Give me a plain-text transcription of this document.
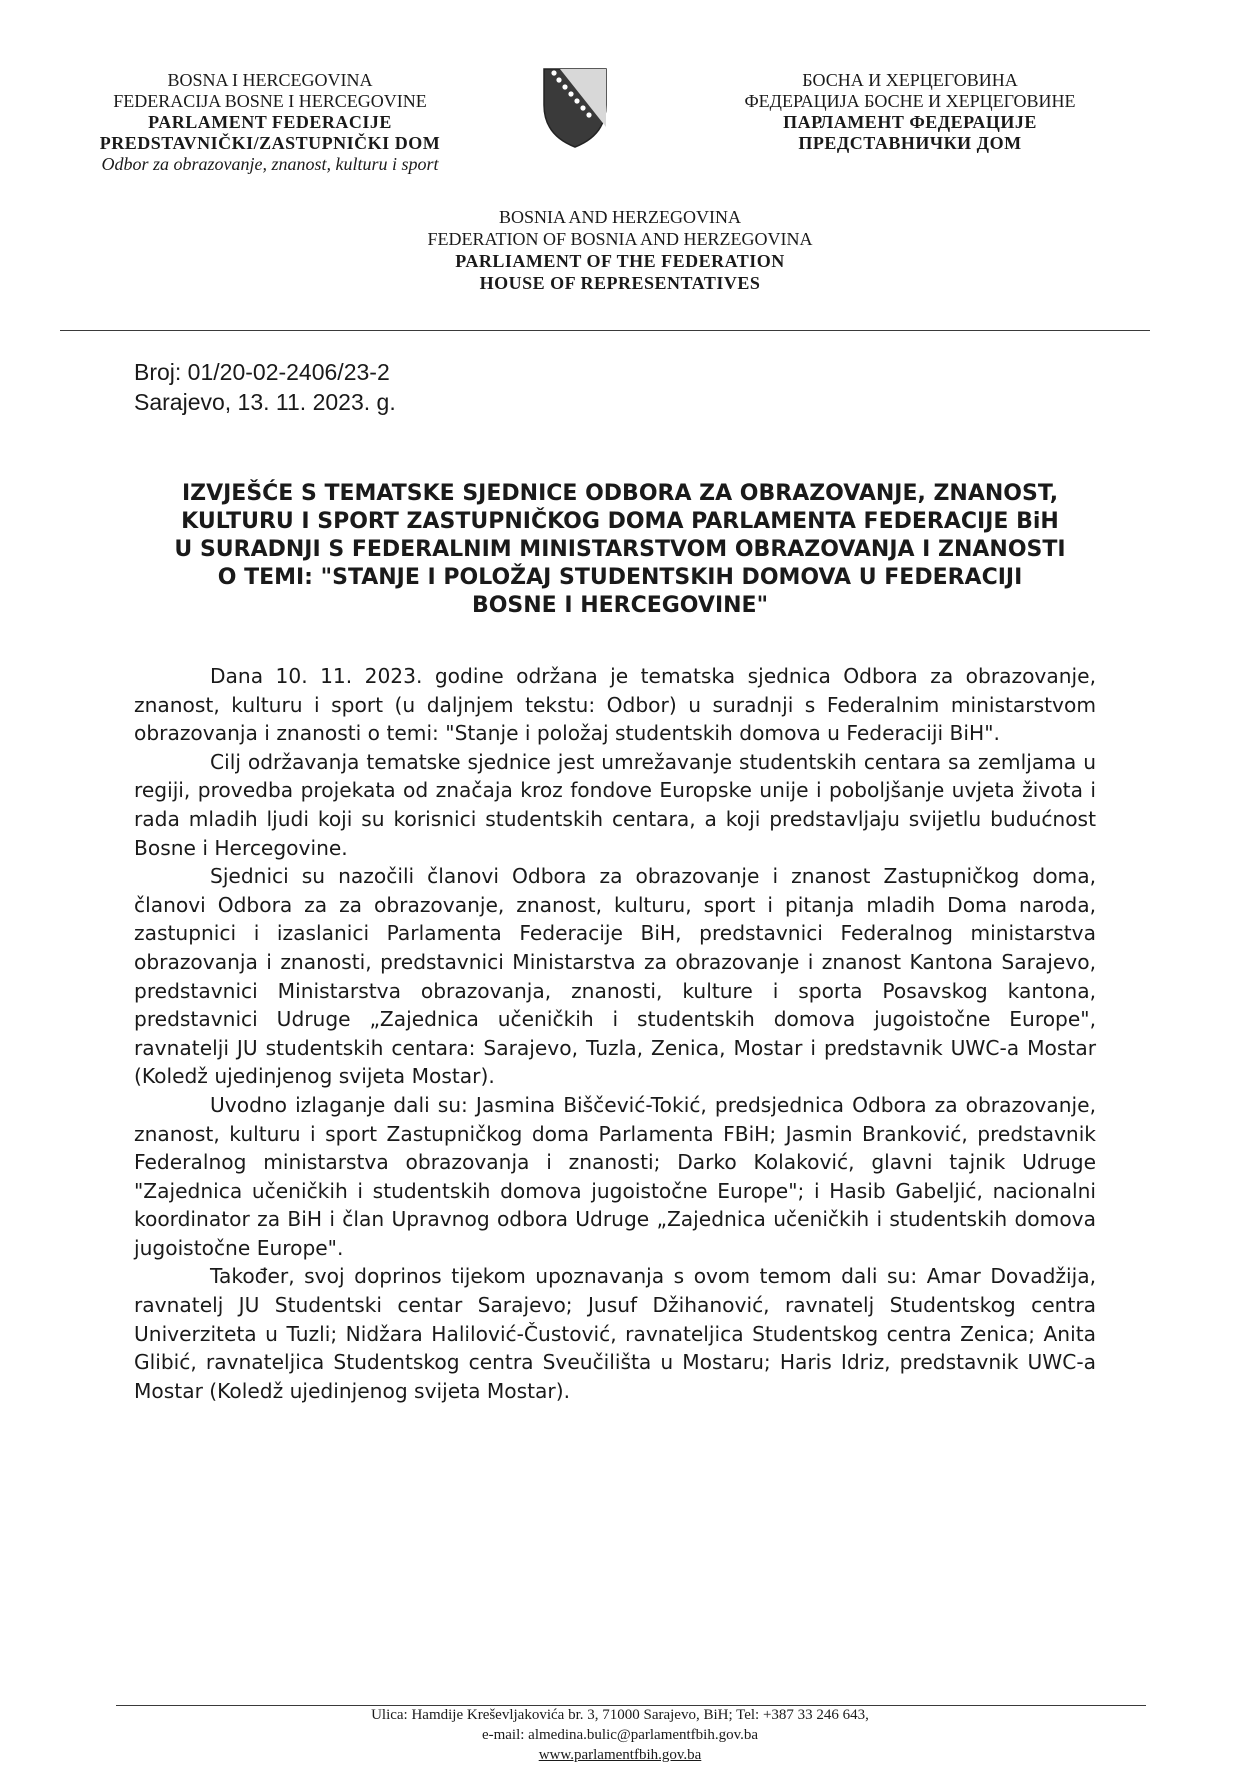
BOSNA I HERCEGOVINA
FEDERACIJA BOSNE I HERCEGOVINE
PARLAMENT FEDERACIJE
PREDSTAVNIČKI/ZASTUPNIČKI DOM
Odbor za obrazovanje, znanost, kulturu i sport
БОСНА И ХЕРЦЕГОВИНА
ФЕДЕРАЦИЈА БОСНЕ И ХЕРЦЕГОВИНЕ
ПАРЛАМЕНТ ФЕДЕРАЦИЈЕ
ПРЕДСТАВНИЧКИ ДОМ
BOSNIA AND HERZEGOVINA
FEDERATION OF BOSNIA AND HERZEGOVINA
PARLIAMENT OF THE FEDERATION
HOUSE OF REPRESENTATIVES
Broj: 01/20-02-2406/23-2
Sarajevo, 13. 11. 2023. g.
IZVJEŠĆE S TEMATSKE SJEDNICE ODBORA ZA OBRAZOVANJE, ZNANOST,
KULTURU I SPORT ZASTUPNIČKOG DOMA PARLAMENTA FEDERACIJE BiH
U SURADNJI S FEDERALNIM MINISTARSTVOM OBRAZOVANJA I ZNANOSTI
O TEMI: "STANJE I POLOŽAJ STUDENTSKIH DOMOVA U FEDERACIJI
BOSNE I HERCEGOVINE"

Dana 10. 11. 2023. godine održana je tematska sjednica Odbora za obrazovanje, znanost, kulturu i sport (u daljnjem tekstu: Odbor) u suradnji s Federalnim ministarstvom obrazovanja i znanosti o temi: "Stanje i položaj studentskih domova u Federaciji BiH".

Cilj održavanja tematske sjednice jest umrežavanje studentskih centara sa zemljama u regiji, provedba projekata od značaja kroz fondove Europske unije i poboljšanje uvjeta života i rada mladih ljudi koji su korisnici studentskih centara, a koji predstavljaju svijetlu budućnost Bosne i Hercegovine.

Sjednici su nazočili članovi Odbora za obrazovanje i znanost Zastupničkog doma, članovi Odbora za za obrazovanje, znanost, kulturu, sport i pitanja mladih Doma naroda, zastupnici i izaslanici Parlamenta Federacije BiH, predstavnici Federalnog ministarstva obrazovanja i znanosti, predstavnici Ministarstva za obrazovanje i znanost Kantona Sarajevo, predstavnici Ministarstva obrazovanja, znanosti, kulture i sporta Posavskog kantona, predstavnici Udruge „Zajednica učeničkih i studentskih domova jugoistočne Europe", ravnatelji JU studentskih centara: Sarajevo, Tuzla, Zenica, Mostar i predstavnik UWC-a Mostar (Koledž ujedinjenog svijeta Mostar).

Uvodno izlaganje dali su: Jasmina Biščević-Tokić, predsjednica Odbora za obrazovanje, znanost, kulturu i sport Zastupničkog doma Parlamenta FBiH; Jasmin Branković, predstavnik Federalnog ministarstva obrazovanja i znanosti; Darko Kolaković, glavni tajnik Udruge "Zajednica učeničkih i studentskih domova jugoistočne Europe"; i Hasib Gabeljić, nacionalni koordinator za BiH i član Upravnog odbora Udruge „Zajednica učeničkih i studentskih domova jugoistočne Europe".

Također, svoj doprinos tijekom upoznavanja s ovom temom dali su: Amar Dovadžija, ravnatelj JU Studentski centar Sarajevo; Jusuf Džihanović, ravnatelj Studentskog centra Univerziteta u Tuzli; Nidžara Halilović-Čustović, ravnateljica Studentskog centra Zenica; Anita Glibić, ravnateljica Studentskog centra Sveučilišta u Mostaru; Haris Idriz, predstavnik UWC-a Mostar (Koledž ujedinjenog svijeta Mostar).

Ulica: Hamdije Kreševljakovića br. 3, 71000 Sarajevo, BiH; Tel: +387 33 246 643,
e-mail: almedina.bulic@parlamentfbih.gov.ba
www.parlamentfbih.gov.ba
